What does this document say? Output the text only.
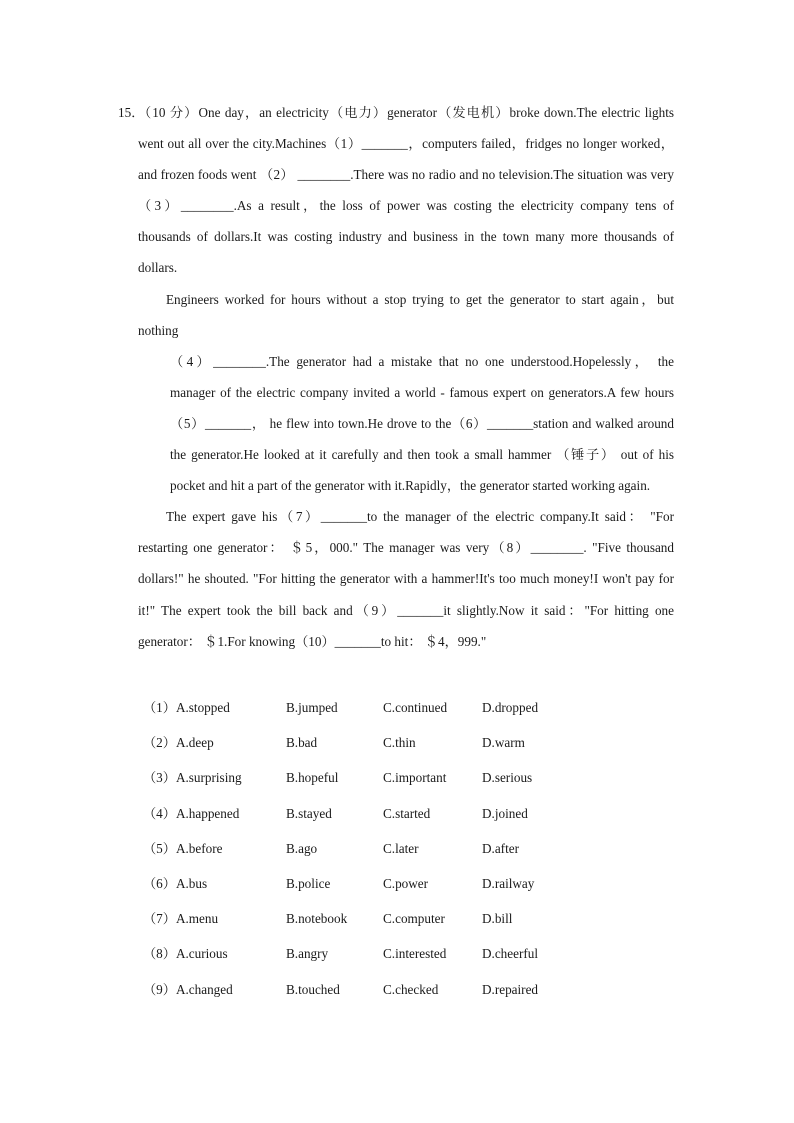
15．
（10 分）One day，an electricity（电力）generator（发电机）broke down.The electric lights went out all over the city.Machines（1）_______，computers failed，fridges no longer worked， and frozen foods went （2） ________.There was no radio and no television.The situation was very（3）________.As a result，the loss of power was costing the electricity company tens of thousands of dollars.It was costing industry and business in the town many more thousands of dollars.

Engineers worked for hours without a stop trying to get the generator to start again，but nothing

（4）________.The generator had a mistake that no one understood.Hopelessly， the manager of the electric company invited a world - famous expert on generators.A few hours（5）_______， he flew into town.He drove to the（6）_______station and walked around the generator.He looked at it carefully and then took a small hammer （锤子） out of his pocket and hit a part of the generator with it.Rapidly，the generator started working again.

The expert gave his（7）_______to the manager of the electric company.It said： "For restarting one generator： ＄5，000." The manager was very（8）________. "Five thousand dollars!" he shouted. "For hitting the generator with a hammer!It's too much money!I won't pay for it!" The expert took the bill back and（9）_______it slightly.Now it said："For hitting one generator： ＄1.For knowing（10）_______to hit： ＄4，999."

（1）A.stopped	B.jumped	C.continued	D.dropped
（2）A.deep	B.bad	C.thin	D.warm
（3）A.surprising	B.hopeful	C.important	D.serious
（4）A.happened	B.stayed	C.started	D.joined
（5）A.before	B.ago	C.later	D.after
（6）A.bus	B.police	C.power	D.railway
（7）A.menu	B.notebook	C.computer	D.bill
（8）A.curious	B.angry	C.interested	D.cheerful
（9）A.changed	B.touched	C.checked	D.repaired
